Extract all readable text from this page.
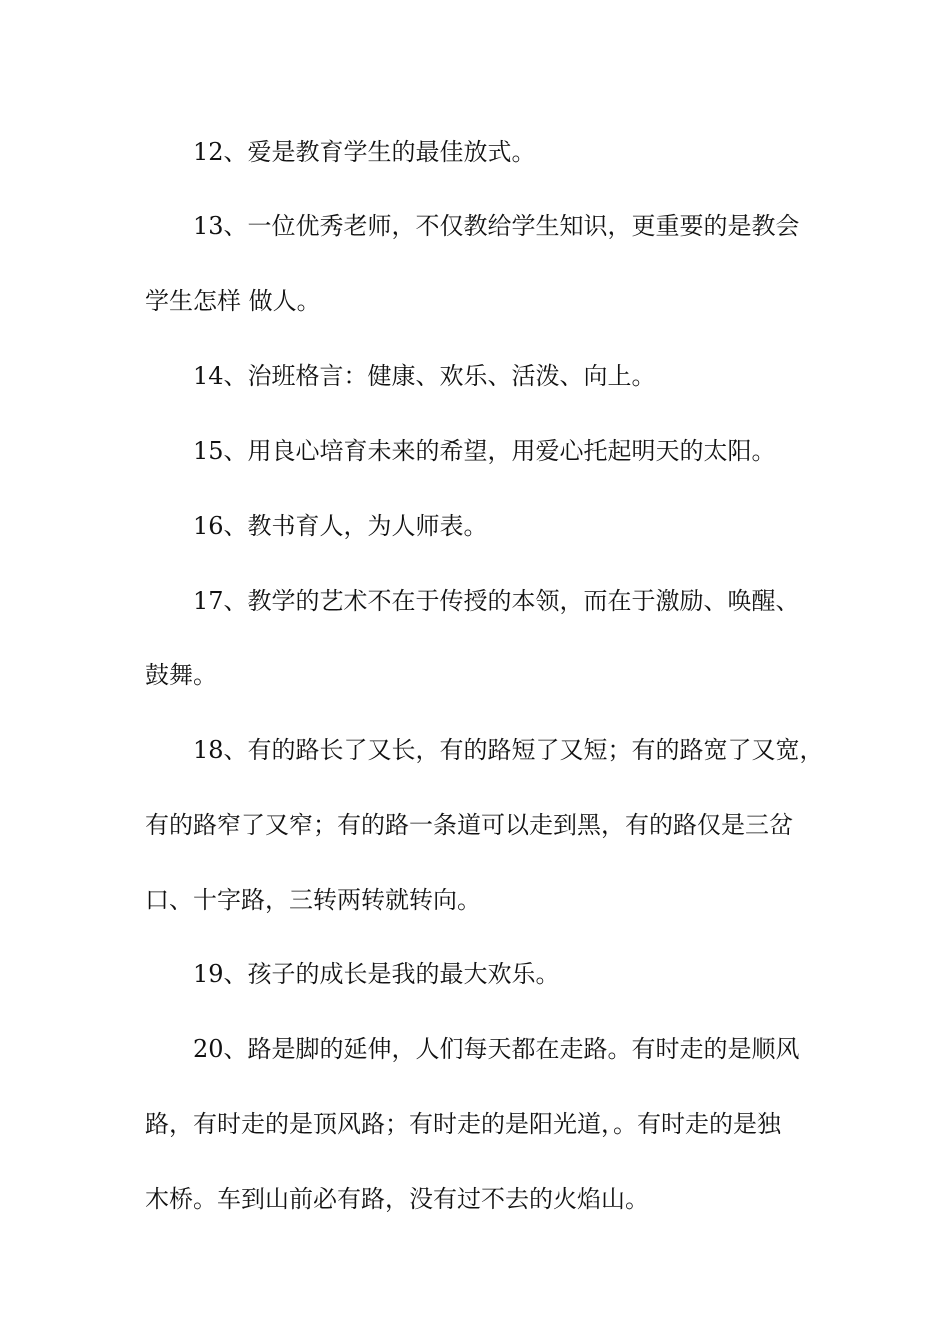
12、爱是教育学生的最佳放式。

13、一位优秀老师，不仅教给学生知识，更重要的是教会

学生怎样 做人。

14、治班格言：健康、欢乐、活泼、向上。

15、用良心培育未来的希望，用爱心托起明天的太阳。

16、教书育人，为人师表。

17、教学的艺术不在于传授的本领，而在于激励、唤醒、

鼓舞。

18、有的路长了又长，有的路短了又短；有的路宽了又宽，

有的路窄了又窄；有的路一条道可以走到黑，有的路仅是三岔

口、十字路，三转两转就转向。

19、孩子的成长是我的最大欢乐。

20、路是脚的延伸，人们每天都在走路。有时走的是顺风

路，有时走的是顶风路；有时走的是阳光道，。有时走的是独

木桥。车到山前必有路，没有过不去的火焰山。
